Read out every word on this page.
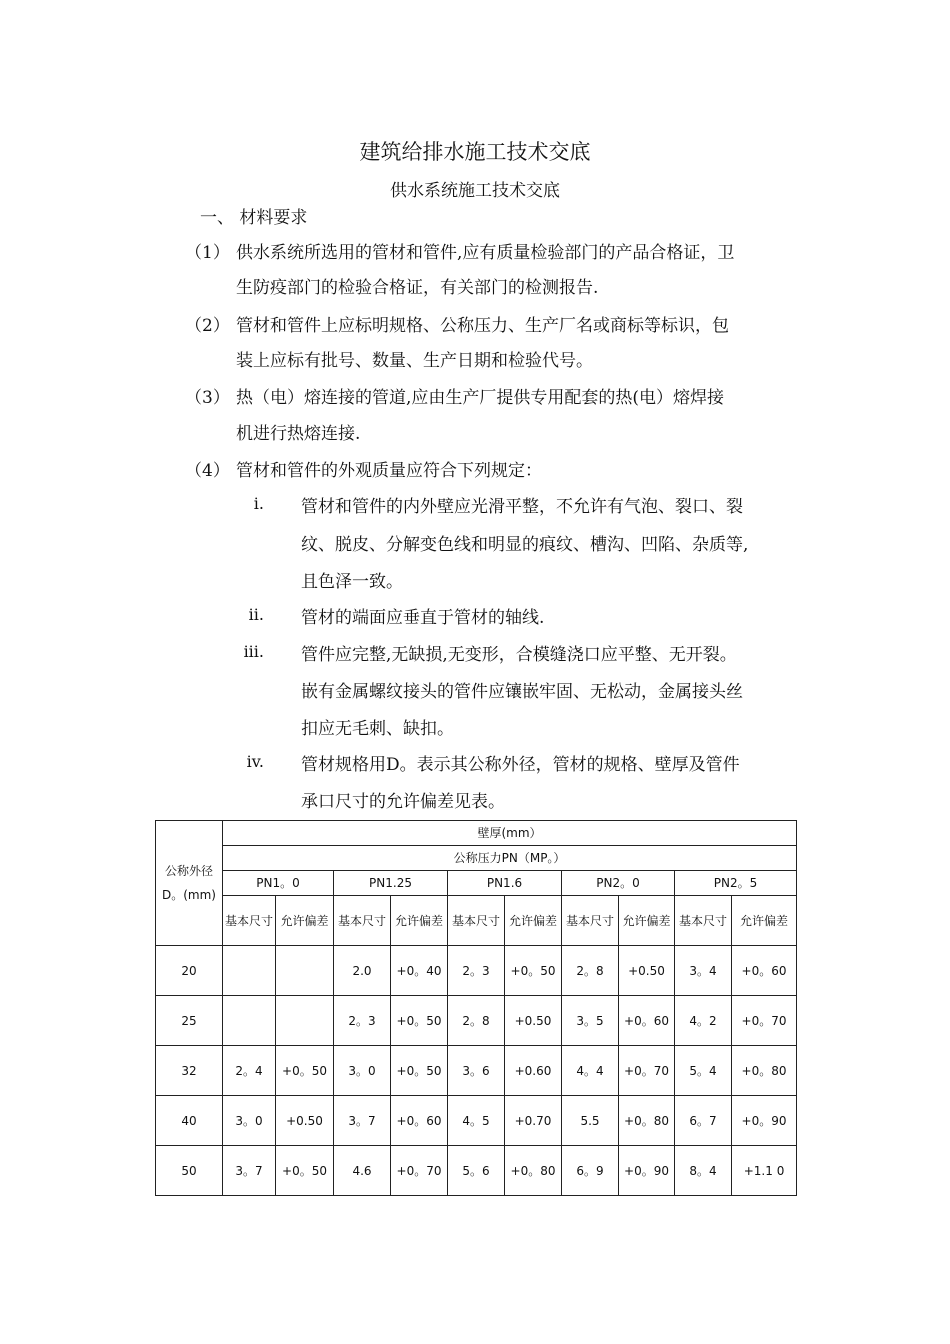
建筑给排水施工技术交底
供水系统施工技术交底
一、 材料要求
（1） 供水系统所选用的管材和管件,应有质量检验部门的产品合格证，卫
生防疫部门的检验合格证，有关部门的检测报告.
（2） 管材和管件上应标明规格、公称压力、生产厂名或商标等标识，包
装上应标有批号、数量、生产日期和检验代号。
（3） 热（电）熔连接的管道,应由生产厂提供专用配套的热(电）熔焊接
机进行热熔连接.
（4） 管材和管件的外观质量应符合下列规定：
i. 管材和管件的内外壁应光滑平整，不允许有气泡、裂口、裂
纹、脱皮、分解变色线和明显的痕纹、槽沟、凹陷、杂质等,
且色泽一致。
ii. 管材的端面应垂直于管材的轴线.
iii. 管件应完整,无缺损,无变形，合模缝浇口应平整、无开裂。
嵌有金属螺纹接头的管件应镶嵌牢固、无松动，金属接头丝
扣应无毛刺、缺扣。
iv. 管材规格用D。表示其公称外径，管材的规格、壁厚及管件
承口尺寸的允许偏差见表。
公称外径D。(mm)	壁厚(mm）									
	公称压力PN（MP。）									
	PN1。0		PN1.25		PN1.6		PN2。0		PN2。5	
	基本尺寸	允许偏差	基本尺寸	允许偏差	基本尺寸	允许偏差	基本尺寸	允许偏差	基本尺寸	允许偏差
20			2.0	+0。40	2。3	+0。50	2。8	+0.50	3。4	+0。60
25			2。3	+0。50	2。8	+0.50	3。5	+0。60	4。2	+0。70
32	2。4	+0。50	3。0	+0。50	3。6	+0.60	4。4	+0。70	5。4	+0。80
40	3。0	+0.50	3。7	+0。60	4。5	+0.70	5.5	+0。80	6。7	+0。90
50	3。7	+0。50	4.6	+0。70	5。6	+0。80	6。9	+0。90	8。4	+1.1 0
